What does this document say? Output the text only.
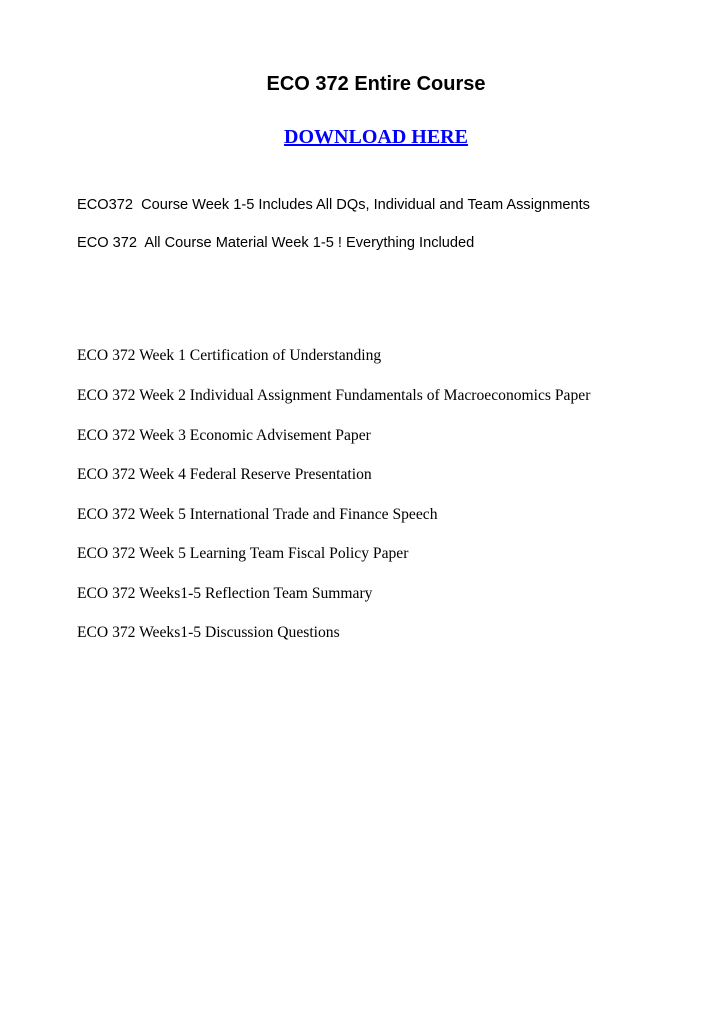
ECO 372 Entire Course
DOWNLOAD HERE
ECO372  Course Week 1-5 Includes All DQs, Individual and Team Assignments
ECO 372  All Course Material Week 1-5 ! Everything Included
ECO 372 Week 1 Certification of Understanding
ECO 372 Week 2 Individual Assignment Fundamentals of Macroeconomics Paper
ECO 372 Week 3 Economic Advisement Paper
ECO 372 Week 4 Federal Reserve Presentation
ECO 372 Week 5 International Trade and Finance Speech
ECO 372 Week 5 Learning Team Fiscal Policy Paper
ECO 372 Weeks1-5 Reflection Team Summary
ECO 372 Weeks1-5 Discussion Questions
